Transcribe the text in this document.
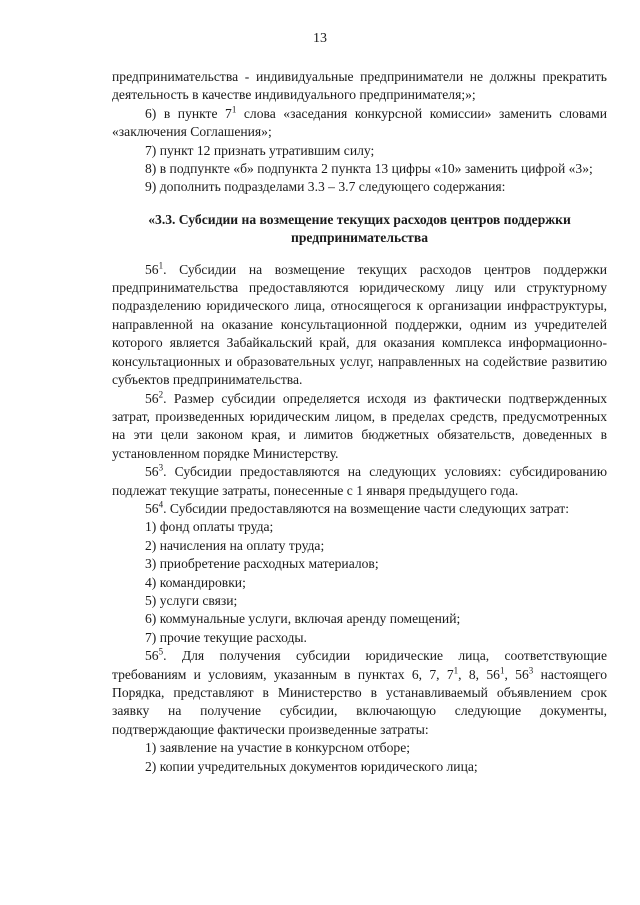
13

предпринимательства - индивидуальные предприниматели не должны прекратить деятельность в качестве индивидуального предпринимателя;»;

6) в пункте $7^1$ слова «заседания конкурсной комиссии» заменить словами «заключения Соглашения»;

7) пункт 12 признать утратившим силу;

8) в подпункте «б» подпункта 2 пункта 13 цифры «10» заменить цифрой «3»;

9) дополнить подразделами 3.3 – 3.7 следующего содержания:

«3.3. Субсидии на возмещение текущих расходов центров поддержки предпринимательства

$56^1$. Субсидии на возмещение текущих расходов центров поддержки предпринимательства предоставляются юридическому лицу или структурному подразделению юридического лица, относящегося к организации инфраструктуры, направленной на оказание консультационной поддержки, одним из учредителей которого является Забайкальский край, для оказания комплекса информационно-консультационных и образовательных услуг, направленных на содействие развитию субъектов предпринимательства.

$56^2$. Размер субсидии определяется исходя из фактически подтвержденных затрат, произведенных юридическим лицом, в пределах средств, предусмотренных на эти цели законом края, и лимитов бюджетных обязательств, доведенных в установленном порядке Министерству.

$56^3$. Субсидии предоставляются на следующих условиях: субсидированию подлежат текущие затраты, понесенные с 1 января предыдущего года.

$56^4$. Субсидии предоставляются на возмещение части следующих затрат:

1) фонд оплаты труда;

2) начисления на оплату труда;

3) приобретение расходных материалов;

4) командировки;

5) услуги связи;

6) коммунальные услуги, включая аренду помещений;

7) прочие текущие расходы.

$56^5$. Для получения субсидии юридические лица, соответствующие требованиям и условиям, указанным в пунктах 6, 7, $7^1$, 8, $56^1$, $56^3$ настоящего Порядка, представляют в Министерство в устанавливаемый объявлением срок заявку на получение субсидии, включающую следующие документы, подтверждающие фактически произведенные затраты:

1) заявление на участие в конкурсном отборе;

2) копии учредительных документов юридического лица;
